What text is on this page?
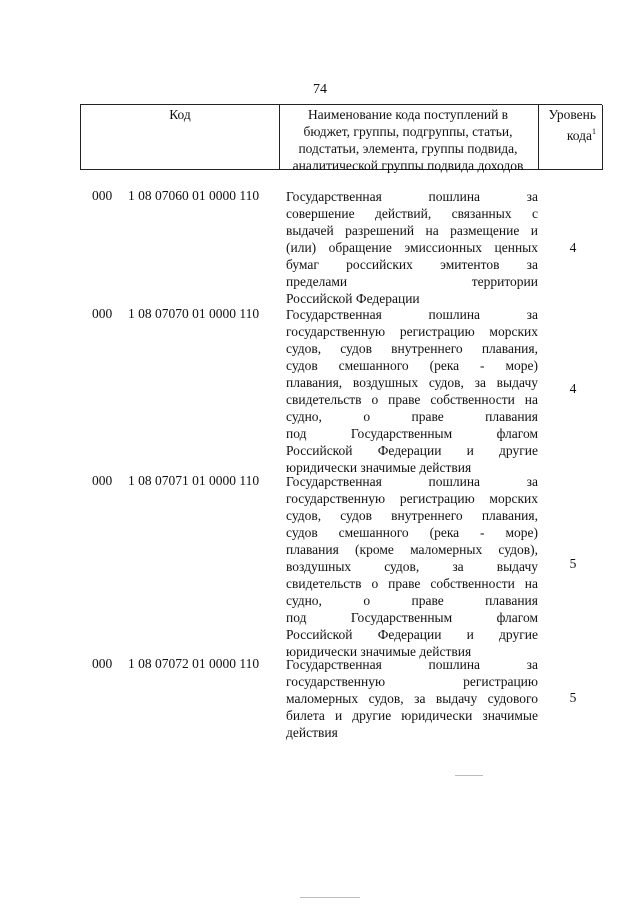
74
Код	Наименование кода поступлений в
бюджет, группы, подгруппы, статьи,
подстатьи, элемента, группы подвида,
аналитической группы подвида доходов
Уровень
кода$^1$
000 1 08 07060 01 0000 110 Государственная пошлина за
совершение действий, связанных с
выдачей разрешений на размещение и
(или) обращение эмиссионных ценных
бумаг российских эмитентов за
пределами территории
Российской Федерации
4
000 1 08 07070 01 0000 110 Государственная пошлина за
государственную регистрацию морских
судов, судов внутреннего плавания,
судов смешанного (река - море)
плавания, воздушных судов, за выдачу
свидетельств о праве собственности на
судно, о праве плавания
под Государственным флагом
Российской Федерации и другие
юридически значимые действия
4
000 1 08 07071 01 0000 110 Государственная пошлина за
государственную регистрацию морских
судов, судов внутреннего плавания,
судов смешанного (река - море)
плавания (кроме маломерных судов),
воздушных судов, за выдачу
свидетельств о праве собственности на
судно, о праве плавания
под Государственным флагом
Российской Федерации и другие
юридически значимые действия
5
000 1 08 07072 01 0000 110 Государственная пошлина за
государственную регистрацию
маломерных судов, за выдачу судового
билета и другие юридически значимые
действия
5
